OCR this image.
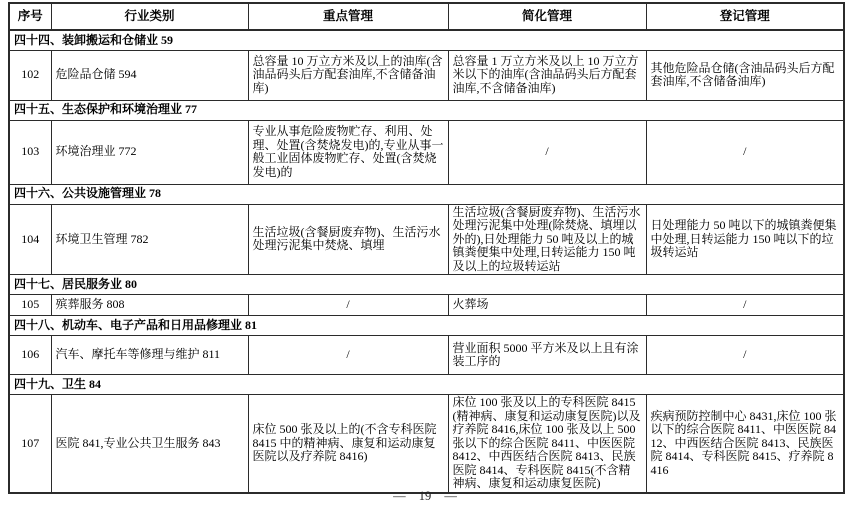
序号	行业类别	重点管理	简化管理	登记管理
四十四、装卸搬运和仓储业 59				
102	危险品仓储 594	总容量 10 万立方米及以上的油库(含油品码头后方配套油库,不含储备油库)	总容量 1 万立方米及以上 10 万立方米以下的油库(含油品码头后方配套油库,不含储备油库)	其他危险品仓储(含油品码头后方配套油库,不含储备油库)
四十五、生态保护和环境治理业 77				
103	环境治理业 772	专业从事危险废物贮存、利用、处理、处置(含焚烧发电)的,专业从事一般工业固体废物贮存、处置(含焚烧发电)的	/	/
四十六、公共设施管理业 78				
104	环境卫生管理 782	生活垃圾(含餐厨废弃物)、生活污水处理污泥集中焚烧、填埋	生活垃圾(含餐厨废弃物)、生活污水处理污泥集中处理(除焚烧、填埋以外的),日处理能力 50 吨及以上的城镇粪便集中处理,日转运能力 150 吨及以上的垃圾转运站	日处理能力 50 吨以下的城镇粪便集中处理,日转运能力 150 吨以下的垃圾转运站
四十七、居民服务业 80				
105	殡葬服务 808	/	火葬场	/
四十八、机动车、电子产品和日用品修理业 81				
106	汽车、摩托车等修理与维护 811	/	营业面积 5000 平方米及以上且有涂装工序的	/
四十九、卫生 84				
107	医院 841,专业公共卫生服务 843	床位 500 张及以上的(不含专科医院 8415 中的精神病、康复和运动康复医院以及疗养院 8416)	床位 100 张及以上的专科医院 8415(精神病、康复和运动康复医院)以及疗养院 8416,床位 100 张及以上 500 张以下的综合医院 8411、中医医院 8412、中西医结合医院 8413、民族医院 8414、专科医院 8415(不含精神病、康复和运动康复医院)	疾病预防控制中心 8431,床位 100 张以下的综合医院 8411、中医医院 8412、中西医结合医院 8413、民族医院 8414、专科医院 8415、疗养院 8416
— 19 —
